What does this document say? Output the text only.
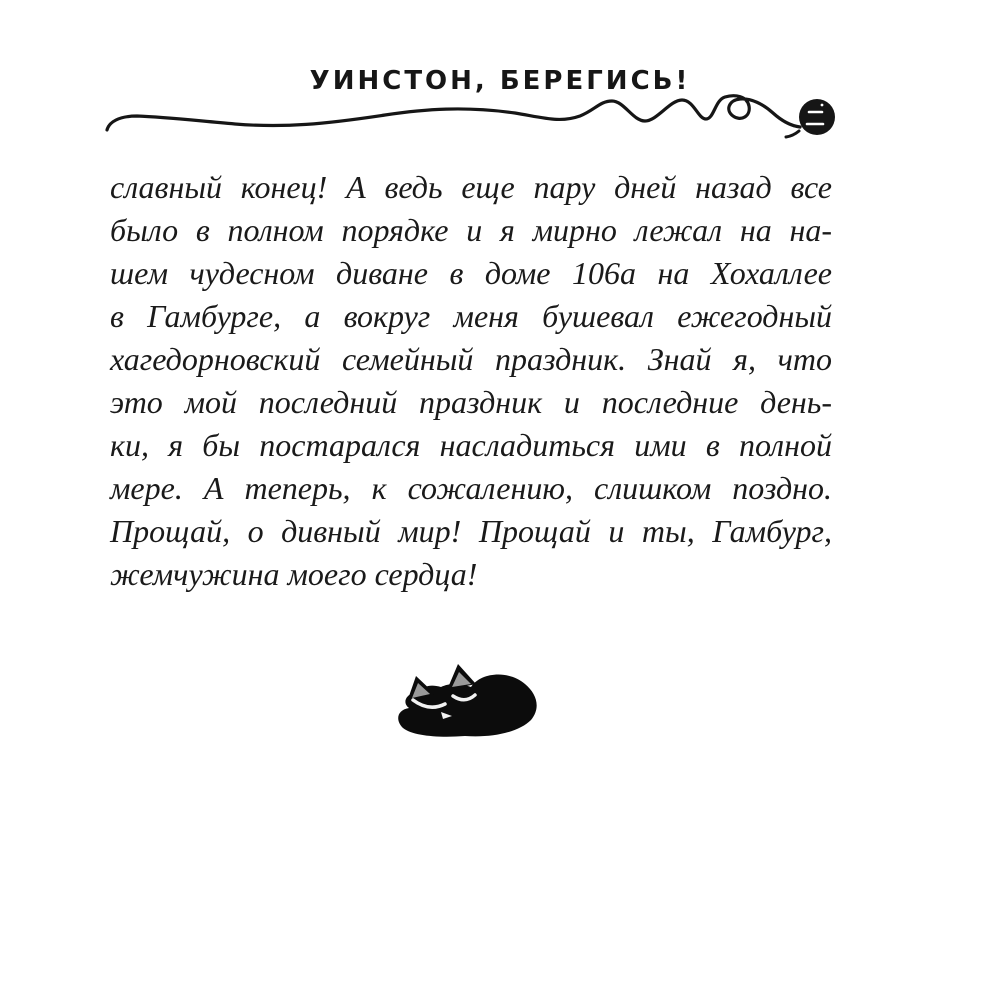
УИНСТОН, БЕРЕГИСЬ!
славный конец! А ведь еще пару дней назад все
было в полном порядке и я мирно лежал на на-
шем чудесном диване в доме 106а на Хохаллее
в Гамбурге, а вокруг меня бушевал ежегодный
хагедорновский семейный праздник. Знай я, что
это мой последний праздник и последние день-
ки, я бы постарался насладиться ими в полной
мере. А теперь, к сожалению, слишком поздно.
Прощай, о дивный мир! Прощай и ты, Гамбург,
жемчужина моего сердца!
